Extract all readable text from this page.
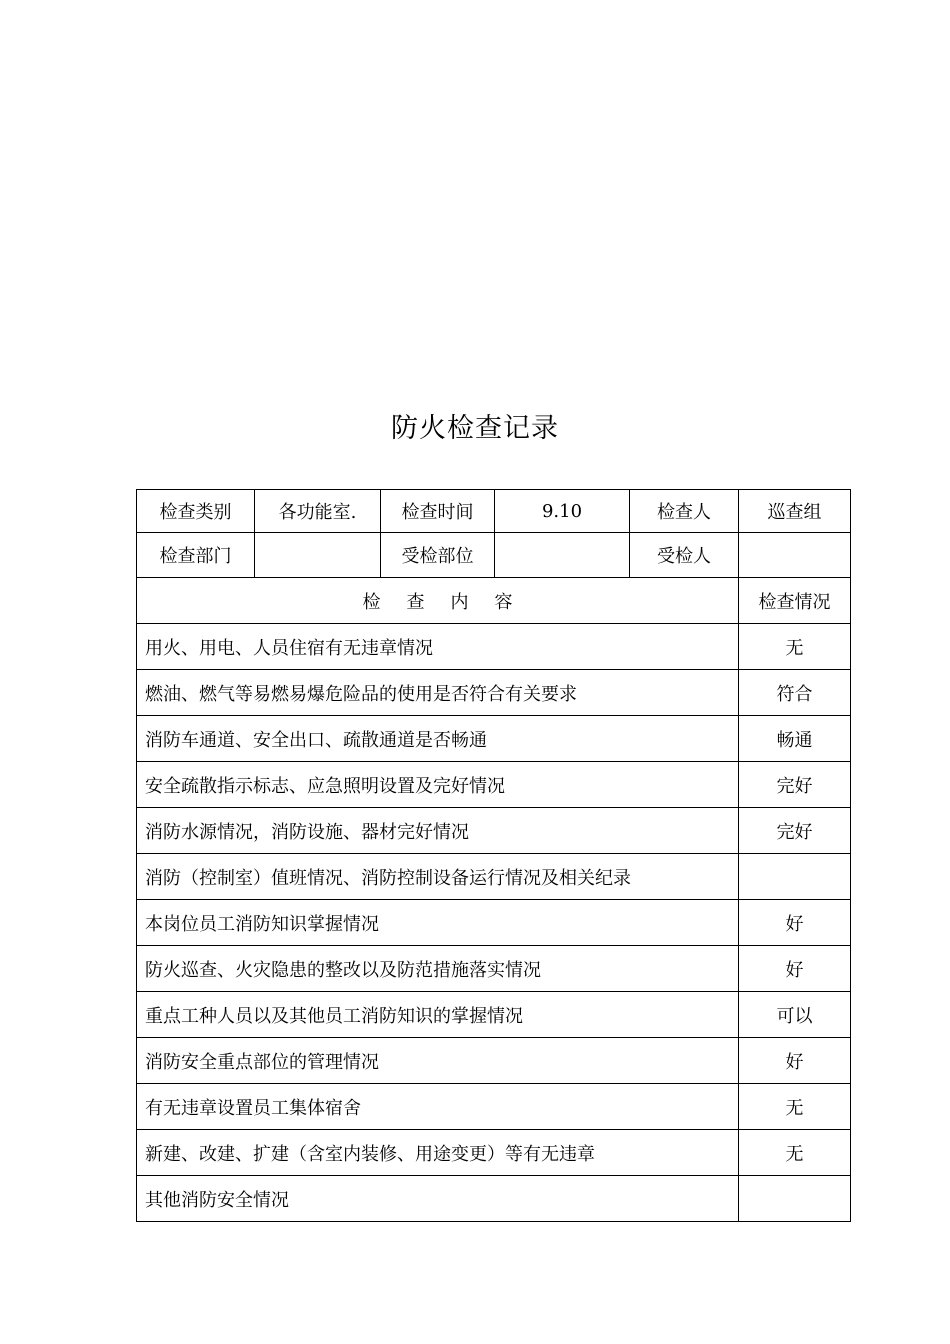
防火检查记录
检查类别	各功能室.	检查时间	9.10	检查人	巡查组
检查部门		受检部位		受检人	
检查内容					检查情况
用火、用电、人员住宿有无违章情况					无
燃油、燃气等易燃易爆危险品的使用是否符合有关要求					符合
消防车通道、安全出口、疏散通道是否畅通					畅通
安全疏散指示标志、应急照明设置及完好情况					完好
消防水源情况，消防设施、器材完好情况					完好
消防（控制室）值班情况、消防控制设备运行情况及相关纪录					
本岗位员工消防知识掌握情况					好
防火巡查、火灾隐患的整改以及防范措施落实情况					好
重点工种人员以及其他员工消防知识的掌握情况					可以
消防安全重点部位的管理情况					好
有无违章设置员工集体宿舍					无
新建、改建、扩建（含室内装修、用途变更）等有无违章					无
其他消防安全情况					
